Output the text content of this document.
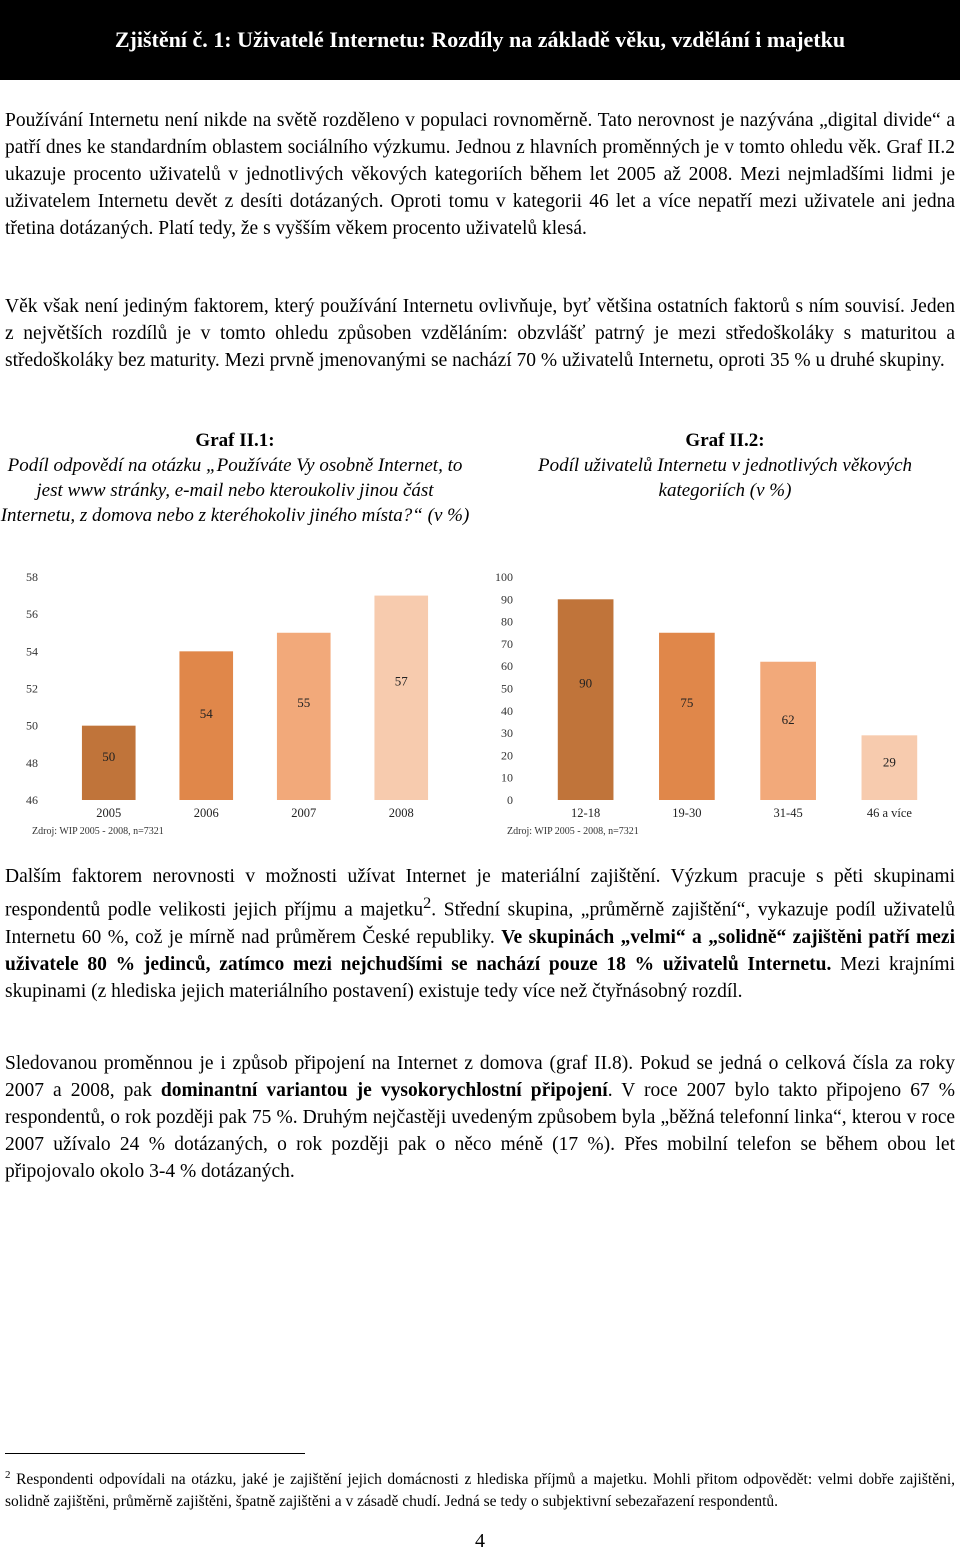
Zjištění č. 1: Uživatelé Internetu: Rozdíly na základě věku, vzdělání i majetku

Používání Internetu není nikde na světě rozděleno v populaci rovnoměrně. Tato nerovnost je nazývána „digital divide“ a patří dnes ke standardním oblastem sociálního výzkumu. Jednou z hlavních proměnných je v tomto ohledu věk. Graf II.2 ukazuje procento uživatelů v jednotlivých věkových kategoriích během let 2005 až 2008. Mezi nejmladšími lidmi je uživatelem Internetu devět z desíti dotázaných. Oproti tomu v kategorii 46 let a více nepatří mezi uživatele ani jedna třetina dotázaných. Platí tedy, že s vyšším věkem procento uživatelů klesá.

Věk však není jediným faktorem, který používání Internetu ovlivňuje, byť většina ostatních faktorů s ním souvisí. Jeden z největších rozdílů je v tomto ohledu způsoben vzděláním: obzvlášť patrný je mezi středoškoláky s maturitou a středoškoláky bez maturity. Mezi prvně jmenovanými se nachází 70 % uživatelů Internetu, oproti 35 % u druhé skupiny.

Graf II.1:
Podíl odpovědí na otázku „Používáte Vy osobně Internet, to jest www stránky, e-mail nebo kteroukoliv jinou část Internetu, z domova nebo z kteréhokoliv jiného místa?“ (v %)
Graf II.2:
Podíl uživatelů Internetu v jednotlivých věkových kategoriích (v %)
46
48
50
52
54
56
58
50
2005
54
2006
55
2007
57
2008
Zdroj: WIP 2005 - 2008, n=7321
0
10
20
30
40
50
60
70
80
90
100
90
12-18
75
19-30
62
31-45
29
46 a více
Zdroj: WIP 2005 - 2008, n=7321

Dalším faktorem nerovnosti v možnosti užívat Internet je materiální zajištění. Výzkum pracuje s pěti skupinami respondentů podle velikosti jejich příjmu a majetku$^2$. Střední skupina, „průměrně zajištění“, vykazuje podíl uživatelů Internetu 60 %, což je mírně nad průměrem České republiky. Ve skupinách „velmi“ a „solidně“ zajištěni patří mezi uživatele 80 % jedinců, zatímco mezi nejchudšími se nachází pouze 18 % uživatelů Internetu. Mezi krajními skupinami (z hlediska jejich materiálního postavení) existuje tedy více než čtyřnásobný rozdíl.

Sledovanou proměnnou je i způsob připojení na Internet z domova (graf II.8). Pokud se jedná o celková čísla za roky 2007 a 2008, pak dominantní variantou je vysokorychlostní připojení. V roce 2007 bylo takto připojeno 67 % respondentů, o rok později pak 75 %. Druhým nejčastěji uvedeným způsobem byla „běžná telefonní linka“, kterou v roce 2007 užívalo 24 % dotázaných, o rok později pak o něco méně (17 %). Přes mobilní telefon se během obou let připojovalo okolo 3-4 % dotázaných.

$^2$ Respondenti odpovídali na otázku, jaké je zajištění jejich domácnosti z hlediska příjmů a majetku. Mohli přitom odpovědět: velmi dobře zajištěni, solidně zajištěni, průměrně zajištěni, špatně zajištěni a v zásadě chudí. Jedná se tedy o subjektivní sebezařazení respondentů.

4
